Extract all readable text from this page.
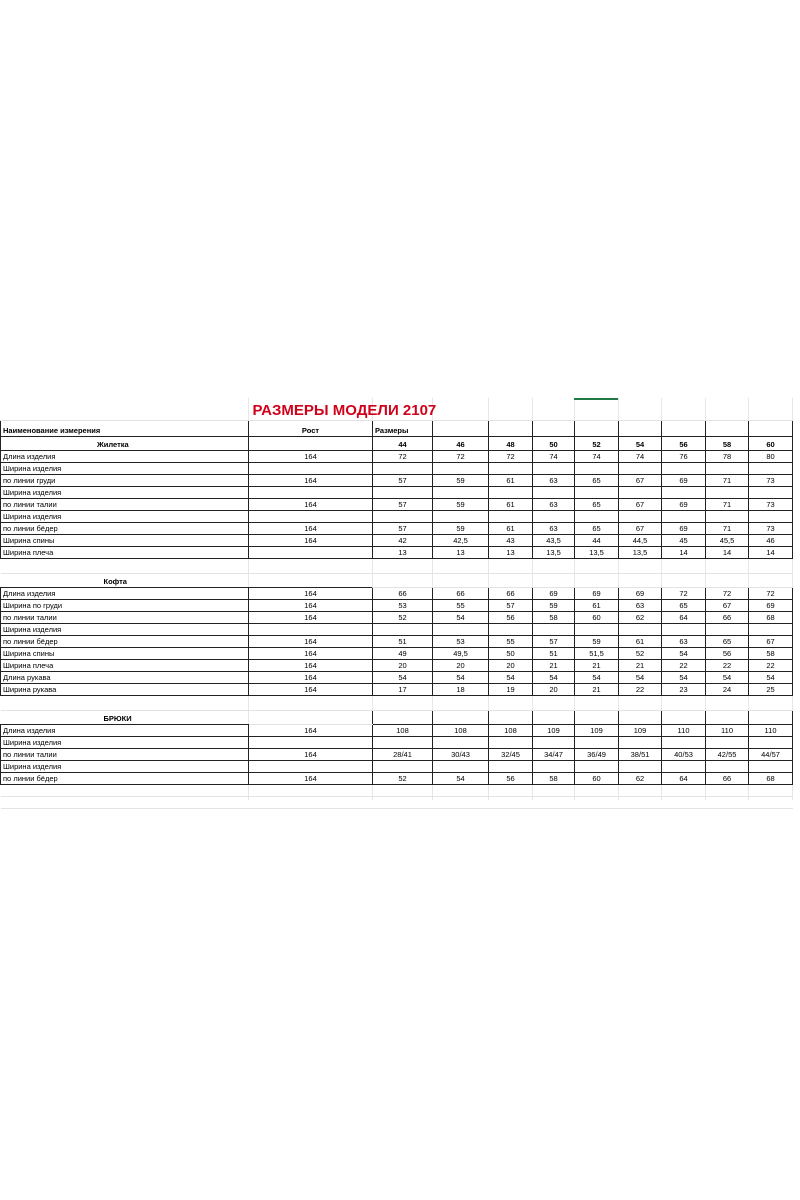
	РАЗМЕРЫ МОДЕЛИ 2107									
Наименование измерения	Рост	Размеры								
Жилетка		44	46	48	50	52	54	56	58	60
Длина изделия	164	72	72	72	74	74	74	76	78	80
Ширина изделия										
по линии груди	164	57	59	61	63	65	67	69	71	73
Ширина изделия										
по линии талии	164	57	59	61	63	65	67	69	71	73
Ширина изделия										
по линии бёдер	164	57	59	61	63	65	67	69	71	73
Ширина спины	164	42	42,5	43	43,5	44	44,5	45	45,5	46
Ширина плеча		13	13	13	13,5	13,5	13,5	14	14	14

Кофта										
Длина изделия	164	66	66	66	69	69	69	72	72	72
Ширина по груди	164	53	55	57	59	61	63	65	67	69
по линии талии	164	52	54	56	58	60	62	64	66	68
Ширина изделия										
по линии бёдер	164	51	53	55	57	59	61	63	65	67
Ширина спины	164	49	49,5	50	51	51,5	52	54	56	58
Ширина плеча	164	20	20	20	21	21	21	22	22	22
Длина рукава	164	54	54	54	54	54	54	54	54	54
Ширина рукава	164	17	18	19	20	21	22	23	24	25

БРЮКИ										
Длина изделия	164	108	108	108	109	109	109	110	110	110
Ширина изделия										
по линии талии	164	28/41	30/43	32/45	34/47	36/49	38/51	40/53	42/55	44/57
Ширина изделия										
по линии бёдер	164	52	54	56	58	60	62	64	66	68
